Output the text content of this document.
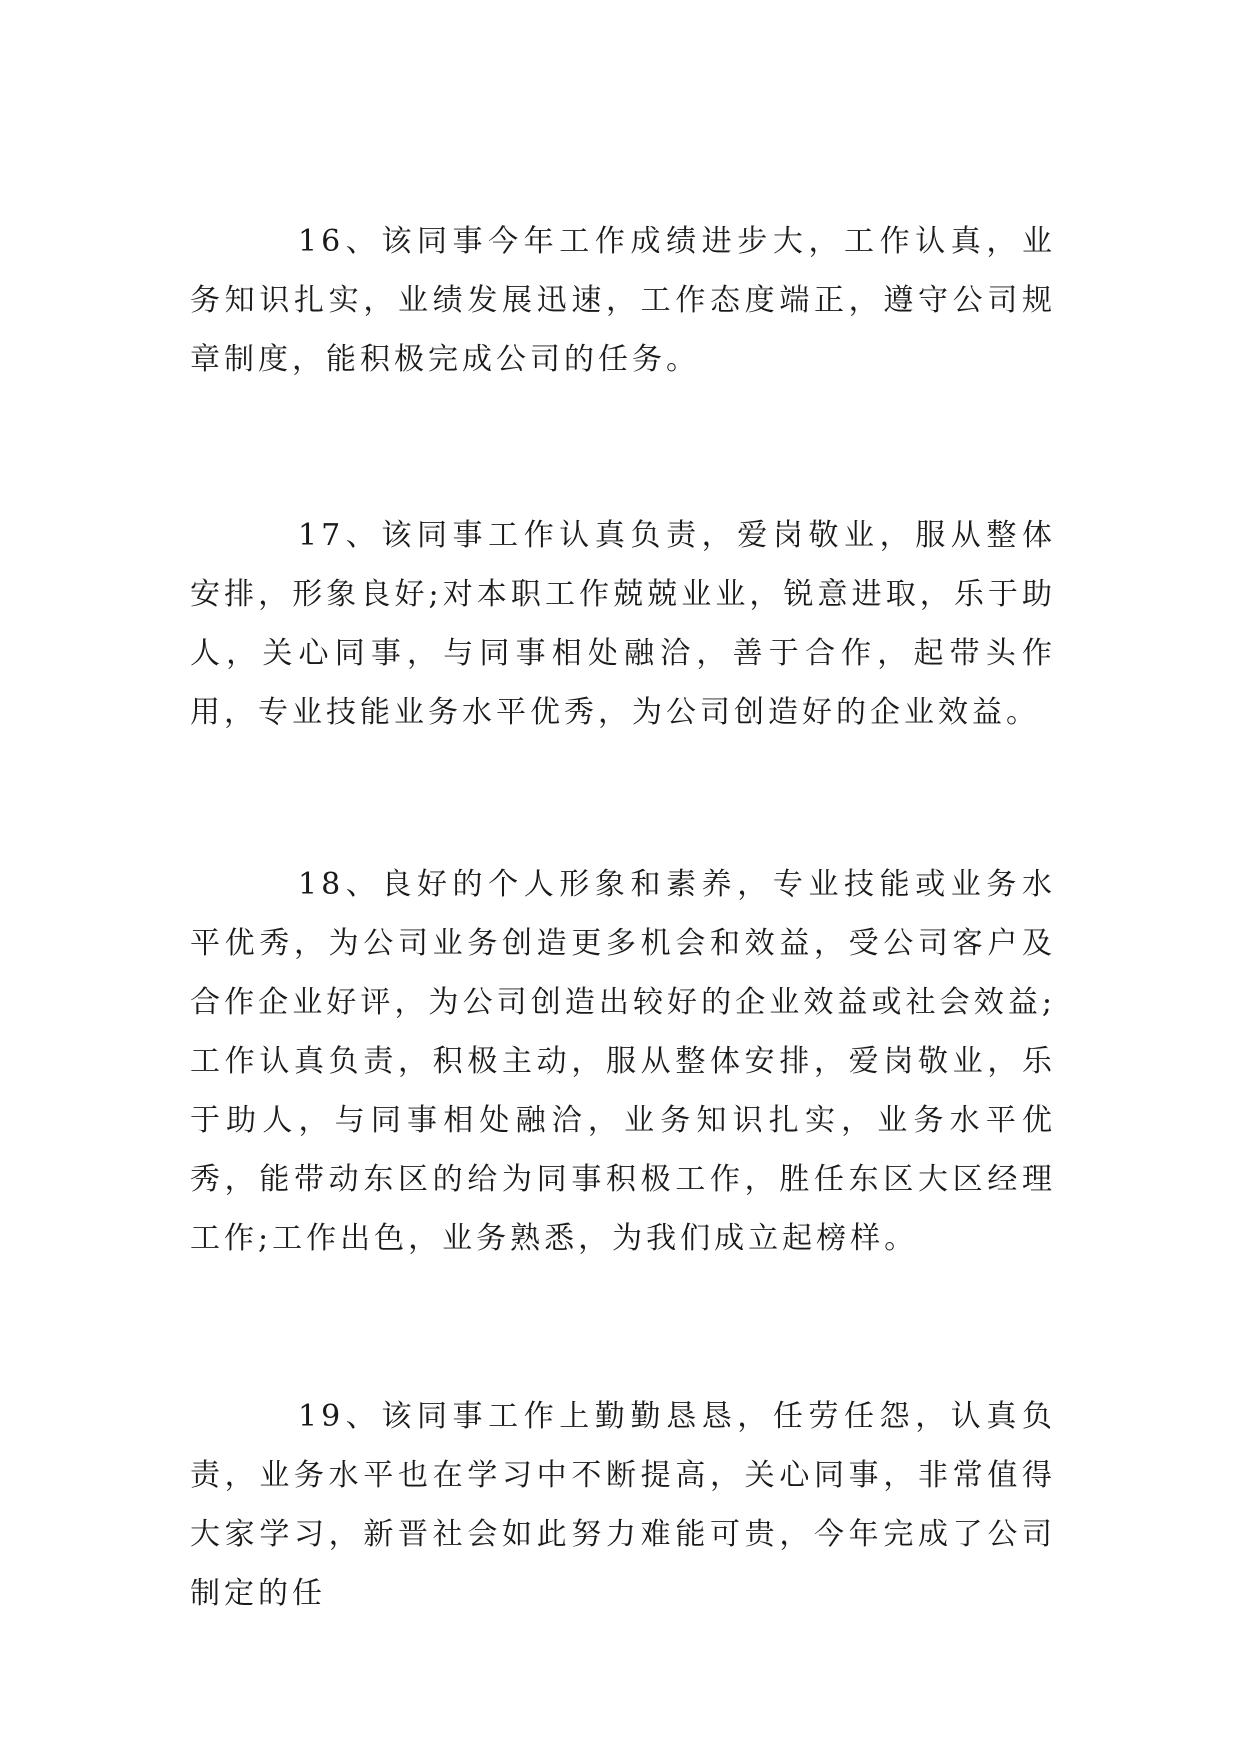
16、该同事今年工作成绩进步大，工作认真，业务知识扎实，业绩发展迅速，工作态度端正，遵守公司规章制度，能积极完成公司的任务。

17、该同事工作认真负责，爱岗敬业，服从整体安排，形象良好;对本职工作兢兢业业，锐意进取，乐于助人，关心同事，与同事相处融洽，善于合作，起带头作用，专业技能业务水平优秀，为公司创造好的企业效益。

18、良好的个人形象和素养，专业技能或业务水平优秀，为公司业务创造更多机会和效益，受公司客户及合作企业好评，为公司创造出较好的企业效益或社会效益;工作认真负责，积极主动，服从整体安排，爱岗敬业，乐于助人，与同事相处融洽，业务知识扎实，业务水平优秀，能带动东区的给为同事积极工作，胜任东区大区经理工作;工作出色，业务熟悉，为我们成立起榜样。

19、该同事工作上勤勤恳恳，任劳任怨，认真负责，业务水平也在学习中不断提高，关心同事，非常值得大家学习，新晋社会如此努力难能可贵，今年完成了公司制定的任
